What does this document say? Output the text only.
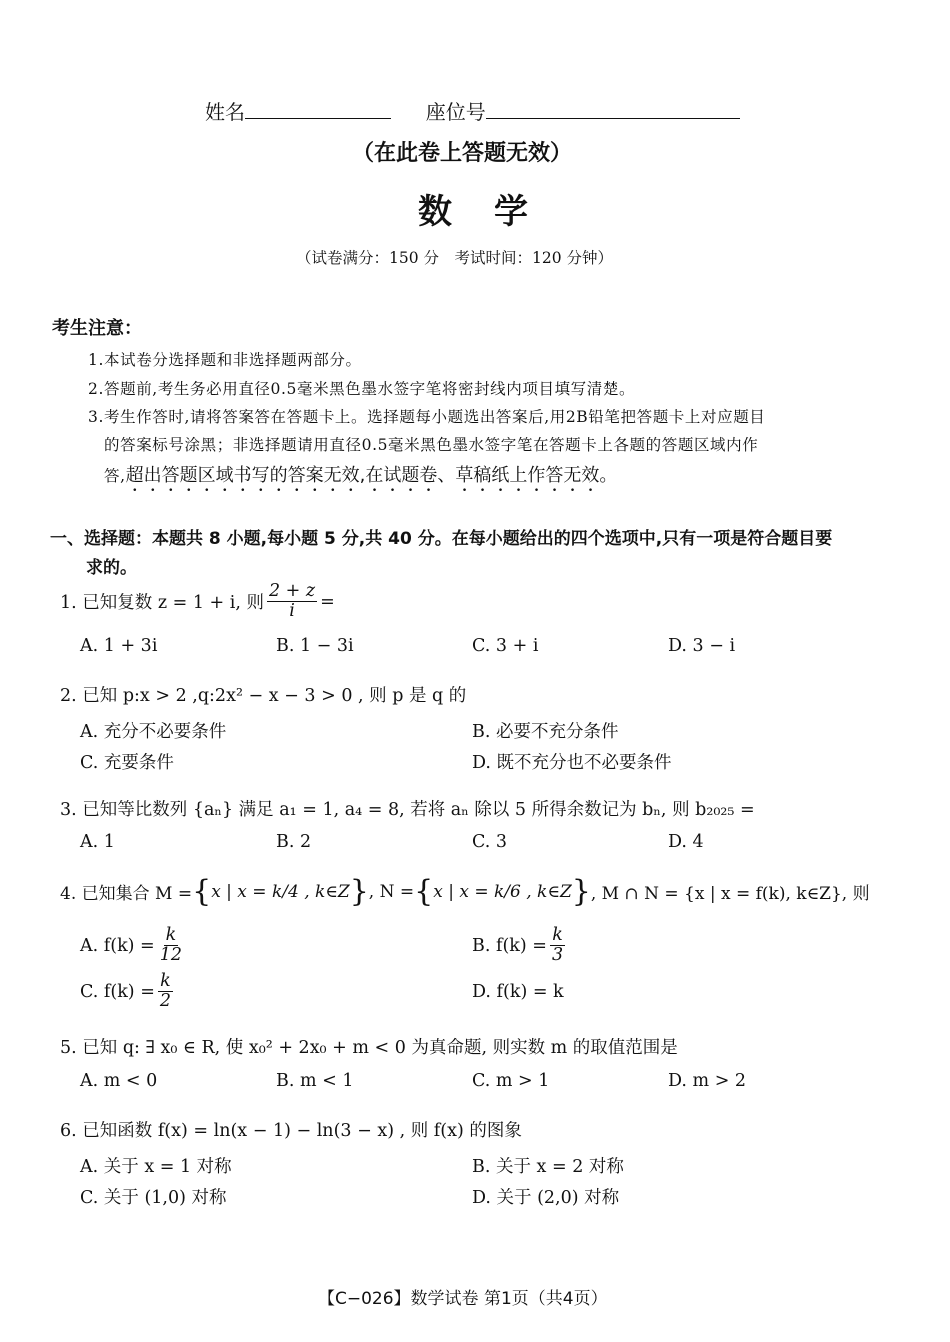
姓名	座位号
（在此卷上答题无效）
数学
（试卷满分：150 分　考试时间：120 分钟）
考生注意：
1.本试卷分选择题和非选择题两部分。
2.答题前,考生务必用直径0.5毫米黑色墨水签字笔将密封线内项目填写清楚。
3.考生作答时,请将答案答在答题卡上。选择题每小题选出答案后,用2B铅笔把答题卡上对应题目
的答案标号涂黑；非选择题请用直径0.5毫米黑色墨水签字笔在答题卡上各题的答题区域内作
答,超出答题区域书写的答案无效,在试题卷、草稿纸上作答无效。
一、选择题：本题共 8 小题,每小题 5 分,共 40 分。在每小题给出的四个选项中,只有一项是符合题目要
求的。
1. 已知复数 z = 1 + i, 则 $\frac{2 + z}{i}$ =
A. 1 + 3i	B. 1 − 3i	C. 3 + i	D. 3 − i
2. 已知 p:x > 2 ,q:2x² − x − 3 > 0 , 则 p 是 q 的
A. 充分不必要条件	B. 必要不充分条件
C. 充要条件	D. 既不充分也不必要条件
3. 已知等比数列 {aₙ} 满足 a₁ = 1, a₄ = 8, 若将 aₙ 除以 5 所得余数记为 bₙ, 则 b₂₀₂₅ =
A. 1	B. 2	C. 3	D. 4
4. 已知集合 M = { x | x = k/4 , k∈Z } , N = { x | x = k/6 , k∈Z } , M ∩ N = {x | x = f(k), k∈Z}, 则
A. $f(k) = \frac{k}{12}$	B. $f(k) = \frac{k}{3}$
C. $f(k) = \frac{k}{2}$	D. f(k) = k
5. 已知 q: ∃ x₀ ∈ R, 使 x₀² + 2x₀ + m < 0 为真命题, 则实数 m 的取值范围是
A. m < 0	B. m < 1	C. m > 1	D. m > 2
6. 已知函数 f(x) = ln(x − 1) − ln(3 − x) , 则 f(x) 的图象
A. 关于 x = 1 对称	B. 关于 x = 2 对称
C. 关于 (1,0) 对称	D. 关于 (2,0) 对称
【C−026】数学试卷 第1页（共4页）
